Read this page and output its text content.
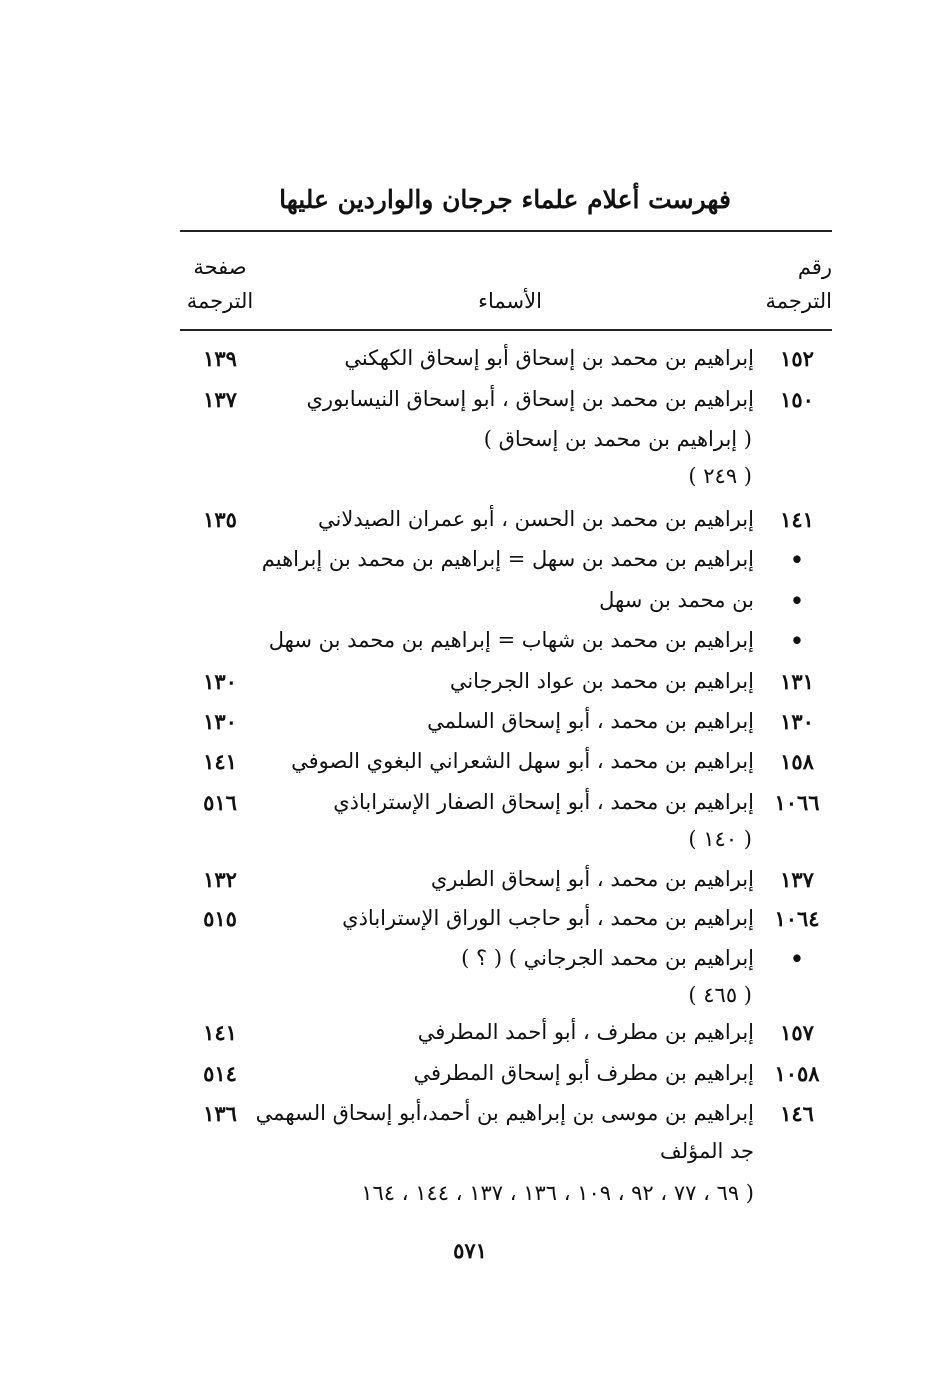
فهرست أعلام علماء جرجان والواردين عليها
رقم
الترجمة
الأسماء
صفحة
الترجمة
١٥٢
إبراهيم بن محمد بن إسحاق أبو إسحاق الكهكني
١٣٩
١٥٠
إبراهيم بن محمد بن إسحاق ، أبو إسحاق النيسابوري
١٣٧
( إبراهيم بن محمد بن إسحاق )
( ٢٤٩ )
١٤١
إبراهيم بن محمد بن الحسن ، أبو عمران الصيدلاني
١٣٥
•
إبراهيم بن محمد بن سهل = إبراهيم بن محمد بن إبراهيم
•
بن محمد بن سهل
•
إبراهيم بن محمد بن شهاب = إبراهيم بن محمد بن سهل
١٣١
إبراهيم بن محمد بن عواد الجرجاني
١٣٠
١٣٠
إبراهيم بن محمد ، أبو إسحاق السلمي
١٣٠
١٥٨
إبراهيم بن محمد ، أبو سهل الشعراني البغوي الصوفي
١٤١
١٠٦٦
إبراهيم بن محمد ، أبو إسحاق الصفار الإستراباذي
٥١٦
( ١٤٠ )
١٣٧
إبراهيم بن محمد ، أبو إسحاق الطبري
١٣٢
١٠٦٤
إبراهيم بن محمد ، أبو حاجب الوراق الإستراباذي
٥١٥
•
إبراهيم بن محمد الجرجاني ) ( ؟ )
( ٤٦٥ )
١٥٧
إبراهيم بن مطرف ، أبو أحمد المطرفي
١٤١
١٠٥٨
إبراهيم بن مطرف أبو إسحاق المطرفي
٥١٤
١٤٦
إبراهيم بن موسى بن إبراهيم بن أحمد،أبو إسحاق السهمي
١٣٦
جد المؤلف
( ٦٩ ، ٧٧ ، ٩٢ ، ١٠٩ ، ١٣٦ ، ١٣٧ ، ١٤٤ ، ١٦٤
٥٧١
